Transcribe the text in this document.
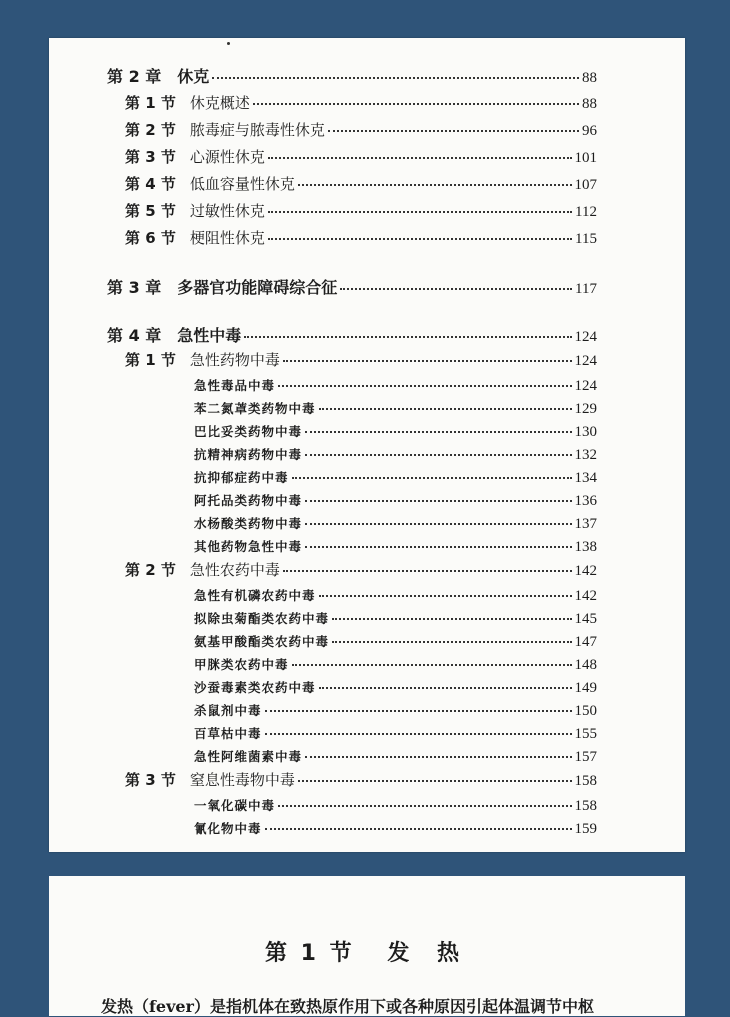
第 2 章 休克	88
第 1 节 休克概述	88
第 2 节 脓毒症与脓毒性休克	96
第 3 节 心源性休克	101
第 4 节 低血容量性休克	107
第 5 节 过敏性休克	112
第 6 节 梗阻性休克	115
第 3 章 多器官功能障碍综合征	117
第 4 章 急性中毒	124
第 1 节 急性药物中毒	124
急性毒品中毒	124
苯二氮䓬类药物中毒	129
巴比妥类药物中毒	130
抗精神病药物中毒	132
抗抑郁症药中毒	134
阿托品类药物中毒	136
水杨酸类药物中毒	137
其他药物急性中毒	138
第 2 节 急性农药中毒	142
急性有机磷农药中毒	142
拟除虫菊酯类农药中毒	145
氨基甲酸酯类农药中毒	147
甲脒类农药中毒	148
沙蚕毒素类农药中毒	149
杀鼠剂中毒	150
百草枯中毒	155
急性阿维菌素中毒	157
第 3 节 窒息性毒物中毒	158
一氧化碳中毒	158
氰化物中毒	159
第 1 节 发 热
发热（fever）是指机体在致热原作用下或各种原因引起体温调节中枢
